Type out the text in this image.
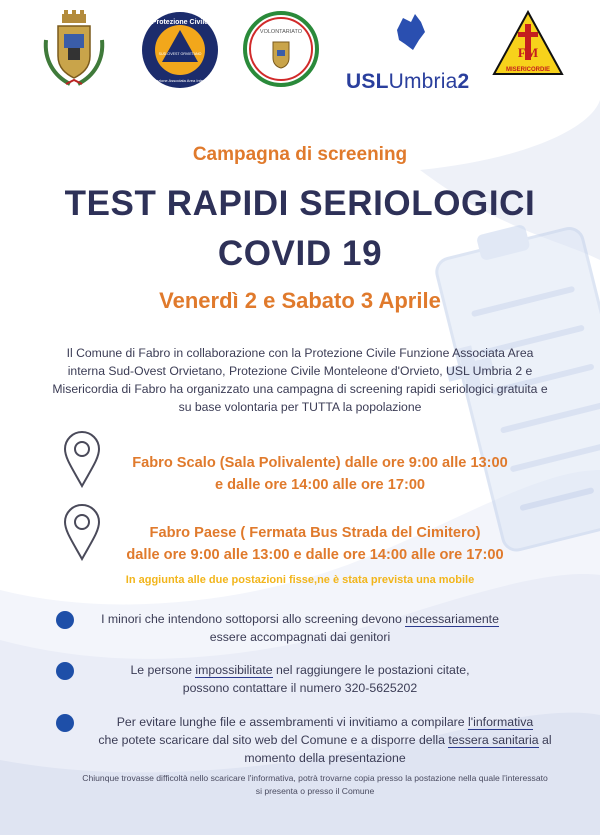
Protezione Civile
SUD-OVEST ORVIETANO
Funzione Associata Area Interna
VOLONTARIATO
USLUmbria2
FM
MISERICORDIE
Campagna di screening
TEST RAPIDI SERIOLOGICI
COVID 19
Venerdì 2 e Sabato 3 Aprile
Il Comune di Fabro in collaborazione con la Protezione Civile Funzione Associata Area interna Sud-Ovest Orvietano, Protezione Civile Monteleone d'Orvieto, USL Umbria 2 e Misericordia di Fabro ha organizzato una campagna di screening rapidi seriologici gratuita e su base volontaria per TUTTA la popolazione
Fabro Scalo (Sala Polivalente) dalle ore 9:00 alle 13:00
e dalle ore 14:00 alle ore 17:00
Fabro Paese ( Fermata Bus Strada del Cimitero)
dalle ore 9:00 alle 13:00 e dalle ore 14:00 alle ore 17:00
In aggiunta alle due postazioni fisse,ne è stata prevista una mobile
I minori che intendono sottoporsi allo screening devono necessariamente
essere accompagnati dai genitori
Le persone impossibilitate nel raggiungere le postazioni citate,
possono contattare il numero 320-5625202
Per evitare lunghe file e assembramenti vi invitiamo a compilare l'informativa
che potete scaricare dal sito web del Comune e a disporre della tessera sanitaria al
momento della presentazione
Chiunque trovasse difficoltà nello scaricare l'informativa, potrà trovarne copia presso la postazione nella quale l'interessato si presenta o presso il Comune
